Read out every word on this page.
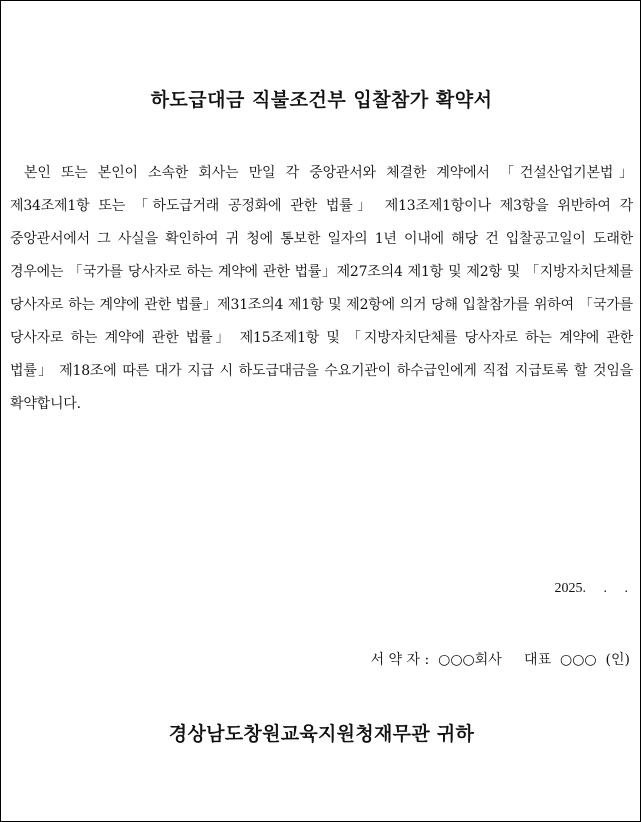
하도급대금 직불조건부 입찰참가 확약서
본인 또는 본인이 소속한 회사는 만일 각 중앙관서와 체결한 계약에서 「건설산업기본법」제34조제1항 또는 「하도급거래 공정화에 관한 법률」 제13조제1항이나 제3항을 위반하여 각 중앙관서에서 그 사실을 확인하여 귀 청에 통보한 일자의 1년 이내에 해당 건 입찰공고일이 도래한 경우에는 「국가를 당사자로 하는 계약에 관한 법률」제27조의4 제1항 및 제2항 및 「지방자치단체를 당사자로 하는 계약에 관한 법률」제31조의4 제1항 및 제2항에 의거 당해 입찰참가를 위하여 「국가를 당사자로 하는 계약에 관한 법률」 제15조제1항 및 「지방자치단체를 당사자로 하는 계약에 관한 법률」 제18조에 따른 대가 지급 시 하도급대금을 수요기관이 하수급인에게 직접 지급토록 할 것임을 확약합니다.
2025.     .     .
서 약 자 :  ○○○회사     대표  ○○○  (인)
경상남도창원교육지원청재무관 귀하
